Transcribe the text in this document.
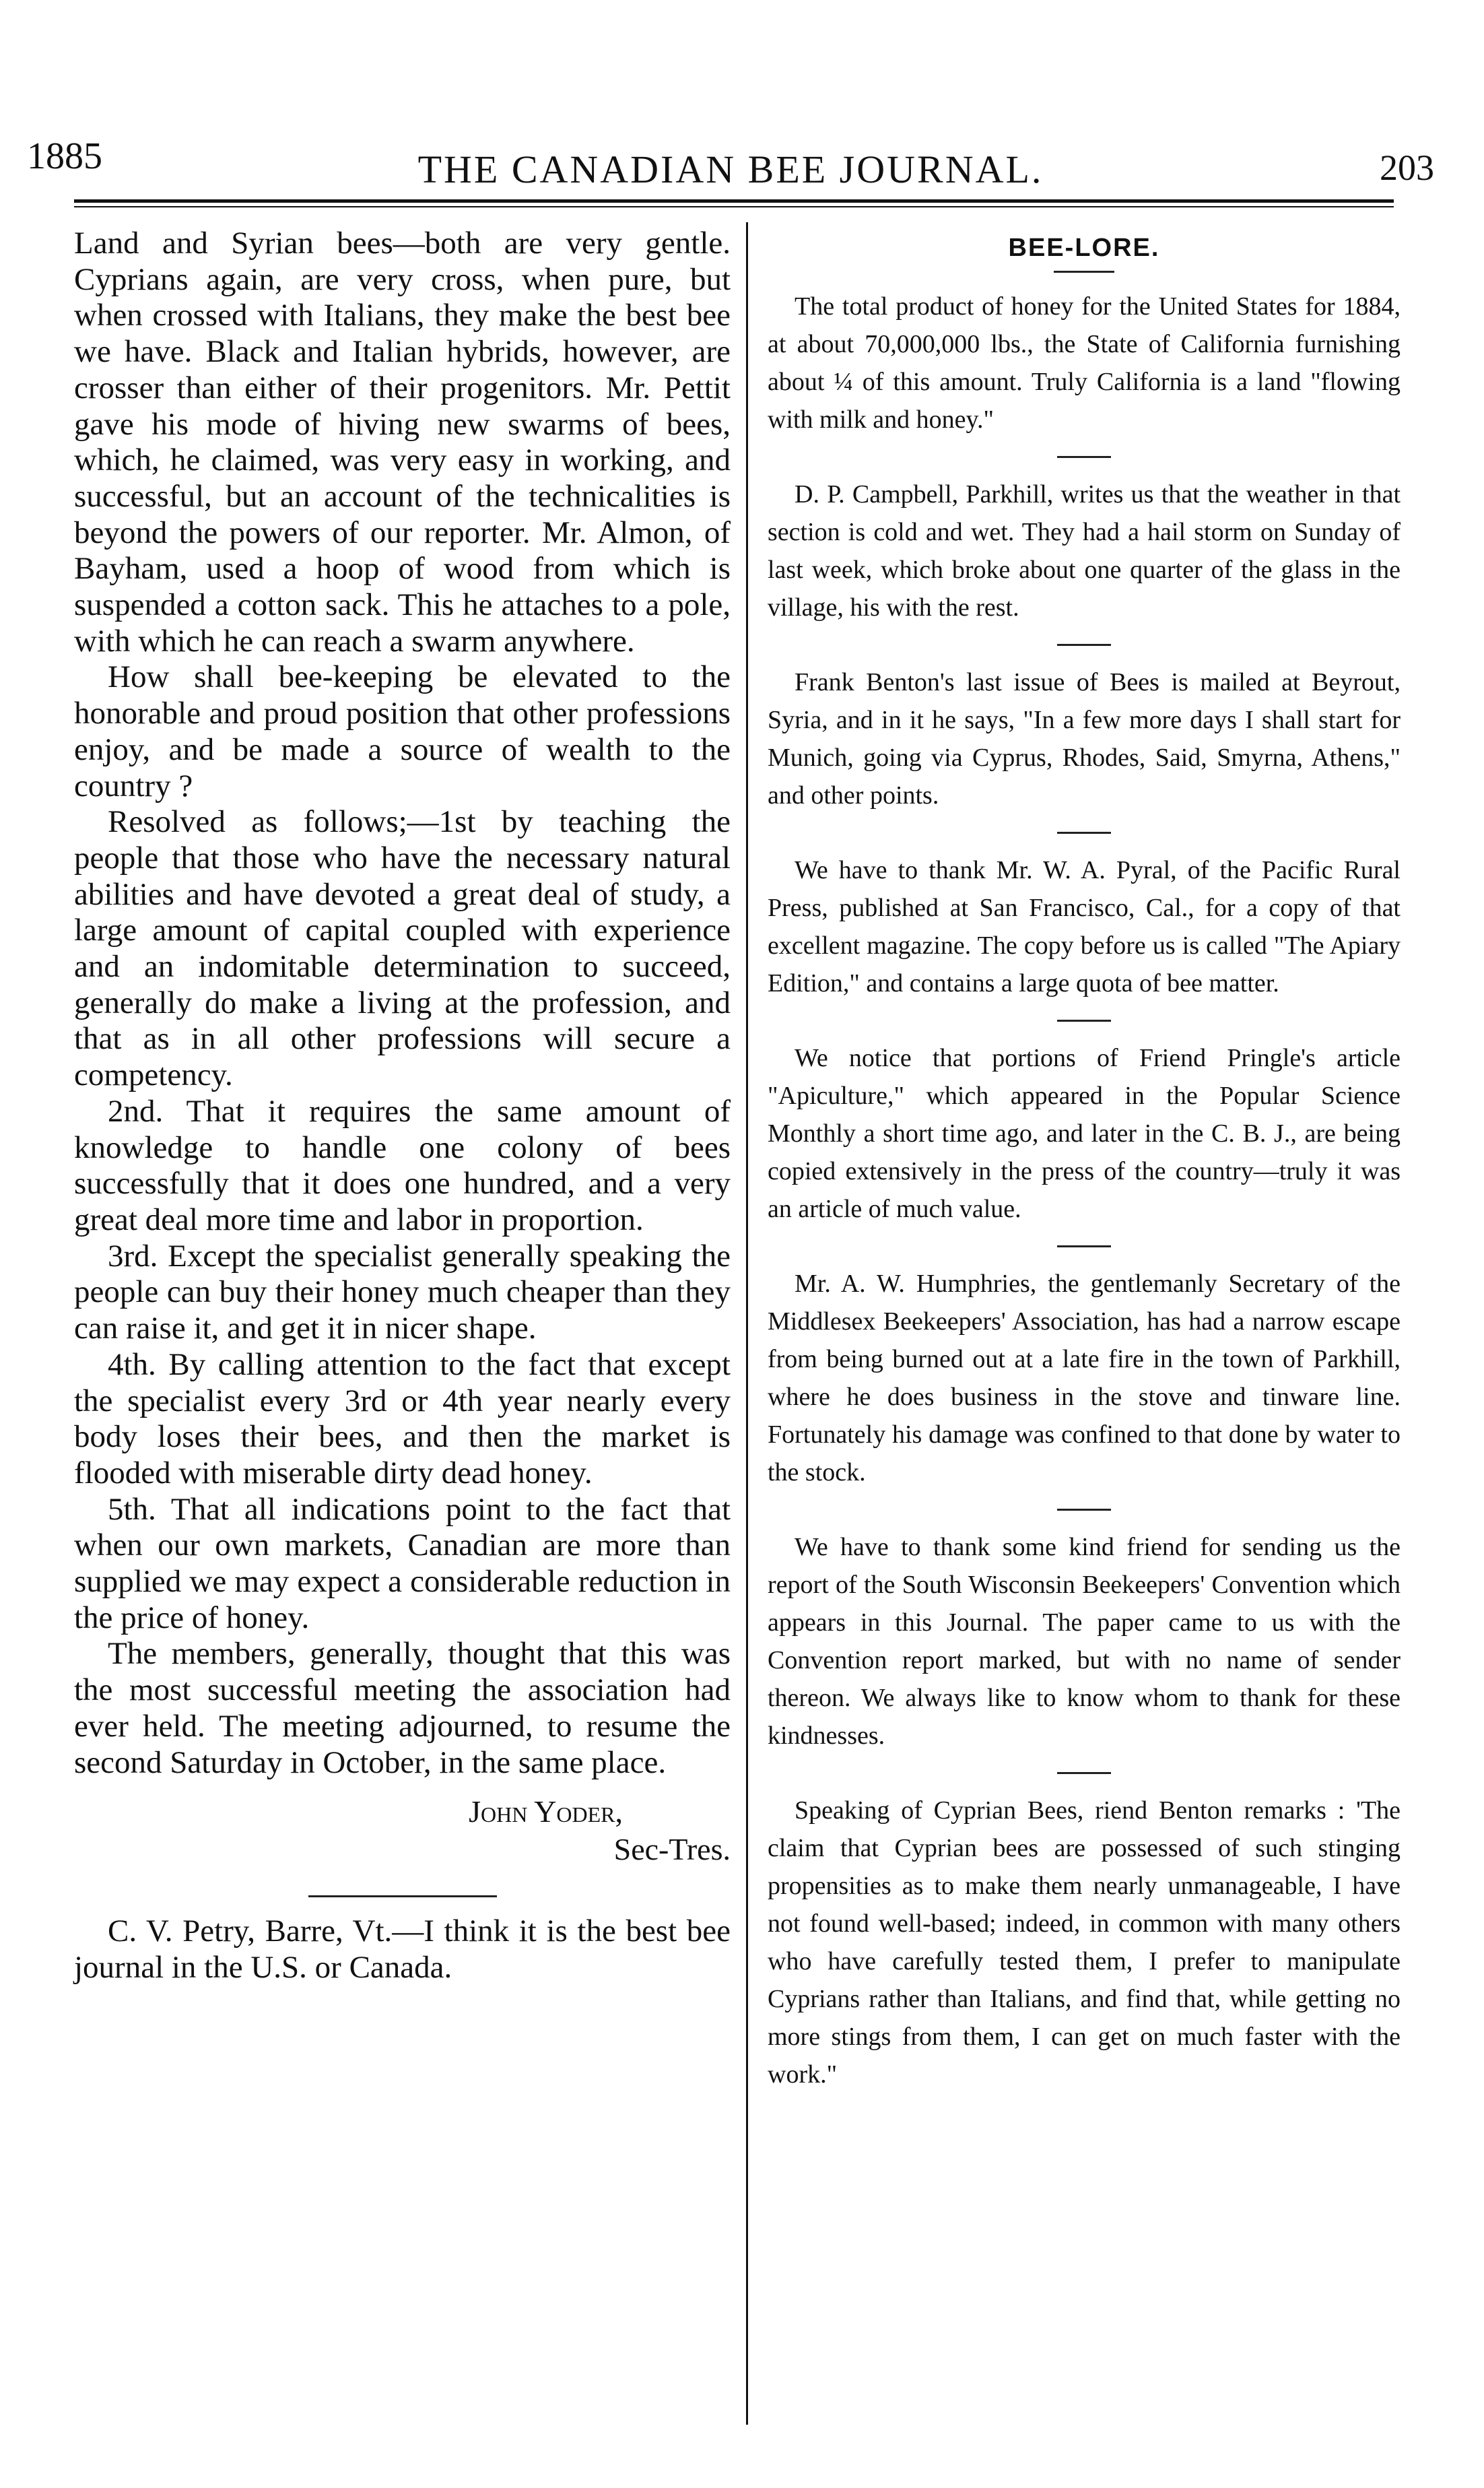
1885	THE CANADIAN BEE JOURNAL.	203

Land and Syrian bees—both are very gentle. Cyprians again, are very cross, when pure, but when crossed with Italians, they make the best bee we have. Black and Italian hybrids, however, are crosser than either of their progenitors. Mr. Pettit gave his mode of hiving new swarms of bees, which, he claimed, was very easy in working, and successful, but an account of the technicalities is beyond the powers of our reporter. Mr. Almon, of Bayham, used a hoop of wood from which is suspended a cotton sack. This he attaches to a pole, with which he can reach a swarm anywhere.

How shall bee-keeping be elevated to the honorable and proud position that other professions enjoy, and be made a source of wealth to the country ?

Resolved as follows;—1st by teaching the people that those who have the necessary natural abilities and have devoted a great deal of study, a large amount of capital coupled with experience and an indomitable determination to succeed, generally do make a living at the profession, and that as in all other professions will secure a competency.

2nd. That it requires the same amount of knowledge to handle one colony of bees successfully that it does one hundred, and a very great deal more time and labor in proportion.

3rd. Except the specialist generally speaking the people can buy their honey much cheaper than they can raise it, and get it in nicer shape.

4th. By calling attention to the fact that except the specialist every 3rd or 4th year nearly every body loses their bees, and then the market is flooded with miserable dirty dead honey.

5th. That all indications point to the fact that when our own markets, Canadian are more than supplied we may expect a considerable reduction in the price of honey.

The members, generally, thought that this was the most successful meeting the association had ever held. The meeting adjourned, to resume the second Saturday in October, in the same place.

John Yoder,
Sec-Tres.

C. V. Petry, Barre, Vt.—I think it is the best bee journal in the U.S. or Canada.

BEE-LORE.

The total product of honey for the United States for 1884, at about 70,000,000 lbs., the State of California furnishing about ¼ of this amount. Truly California is a land "flowing with milk and honey."

D. P. Campbell, Parkhill, writes us that the weather in that section is cold and wet. They had a hail storm on Sunday of last week, which broke about one quarter of the glass in the village, his with the rest.

Frank Benton's last issue of Bees is mailed at Beyrout, Syria, and in it he says, "In a few more days I shall start for Munich, going via Cyprus, Rhodes, Said, Smyrna, Athens," and other points.

We have to thank Mr. W. A. Pyral, of the Pacific Rural Press, published at San Francisco, Cal., for a copy of that excellent magazine. The copy before us is called "The Apiary Edition," and contains a large quota of bee matter.

We notice that portions of Friend Pringle's article "Apiculture," which appeared in the Popular Science Monthly a short time ago, and later in the C. B. J., are being copied extensively in the press of the country—truly it was an article of much value.

Mr. A. W. Humphries, the gentlemanly Secretary of the Middlesex Beekeepers' Association, has had a narrow escape from being burned out at a late fire in the town of Parkhill, where he does business in the stove and tinware line. Fortunately his damage was confined to that done by water to the stock.

We have to thank some kind friend for sending us the report of the South Wisconsin Beekeepers' Convention which appears in this Journal. The paper came to us with the Convention report marked, but with no name of sender thereon. We always like to know whom to thank for these kindnesses.

Speaking of Cyprian Bees, riend Benton remarks : 'The claim that Cyprian bees are possessed of such stinging propensities as to make them nearly unmanageable, I have not found well-based; indeed, in common with many others who have carefully tested them, I prefer to manipulate Cyprians rather than Italians, and find that, while getting no more stings from them, I can get on much faster with the work."
